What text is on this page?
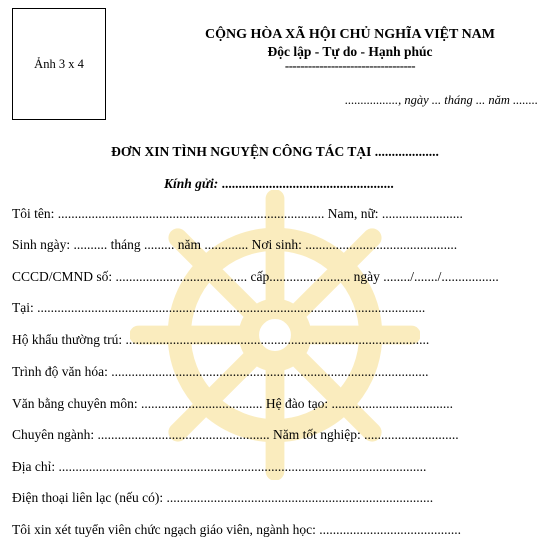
Ảnh 3 x 4
CỘNG HÒA XÃ HỘI CHỦ NGHĨA VIỆT NAM
Độc lập - Tự do - Hạnh phúc
----------------------------------
................., ngày ... tháng ... năm ........
ĐƠN XIN TÌNH NGUYỆN CÔNG TÁC TẠI ...................
Kính gửi: ...................................................
Tôi tên: ............................................................................... Nam, nữ: ........................
Sinh ngày: .......... tháng ......... năm ............. Nơi sinh: .............................................
CCCD/CMND số: ....................................... cấp........................ ngày ......../......./.................
Tại: ...................................................................................................................
Hộ khẩu thường trú: ..........................................................................................
Trình độ văn hóa: ..............................................................................................
Văn bằng chuyên môn: .................................... Hệ đào tạo: ....................................
Chuyên ngành: ................................................... Năm tốt nghiệp: ............................
Địa chỉ: .............................................................................................................
Điện thoại liên lạc (nếu có): ...............................................................................
Tôi xin xét tuyển viên chức ngạch giáo viên, ngành học: ..........................................
